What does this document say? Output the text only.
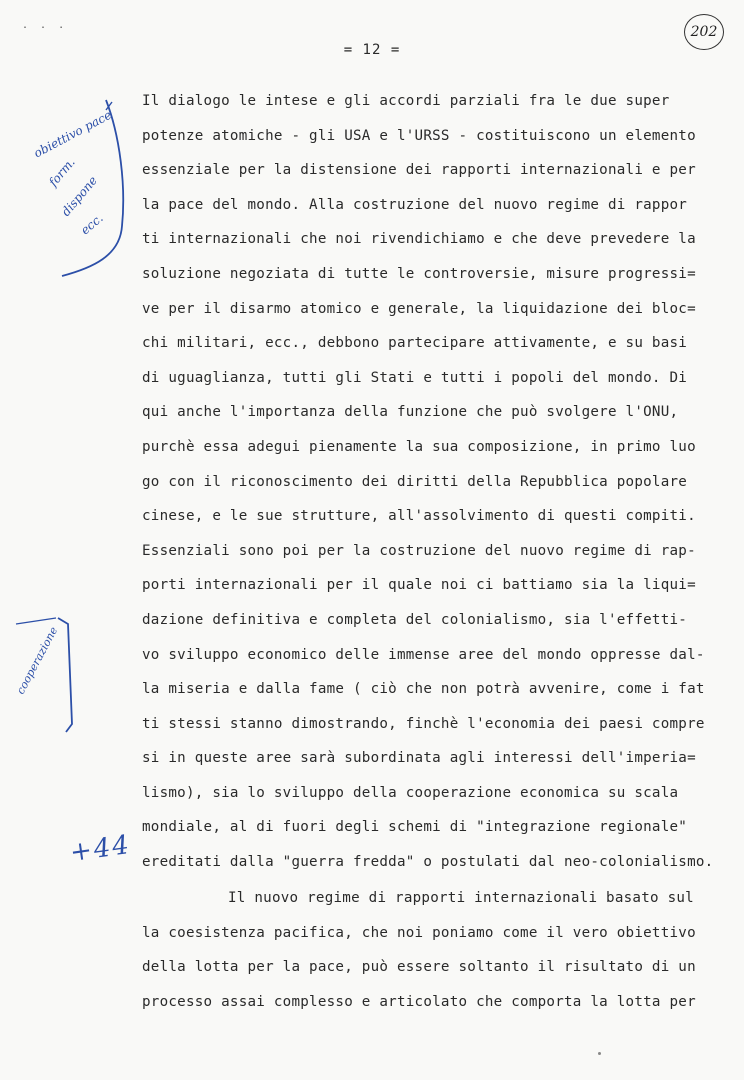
. . .
= 12 =
202
Il dialogo le intese e gli accordi parziali fra le due super
potenze atomiche - gli USA e l'URSS - costituiscono un elemento
essenziale per la distensione dei rapporti internazionali e per
la pace del mondo. Alla costruzione del nuovo regime di rappor
ti internazionali che noi rivendichiamo e che deve prevedere la
soluzione negoziata di tutte le controversie, misure progressi=
ve per il disarmo atomico e generale, la liquidazione dei bloc=
chi militari, ecc., debbono partecipare attivamente, e su basi
di uguaglianza, tutti gli Stati e tutti i popoli del mondo. Di
qui anche l'importanza della funzione che può svolgere l'ONU,
purchè essa adegui pienamente la sua composizione, in primo luo
go con il riconoscimento dei diritti della Repubblica popolare
cinese, e le sue strutture, all'assolvimento di questi compiti.
Essenziali sono poi per la costruzione del nuovo regime di rap-
porti internazionali per il quale noi ci battiamo sia la liqui=
dazione definitiva e completa del colonialismo, sia l'effetti-
vo sviluppo economico delle immense aree del mondo oppresse dal-
la miseria e dalla fame ( ciò che non potrà avvenire, come i fat
ti stessi stanno dimostrando, finchè l'economia dei paesi compre
si in queste aree sarà subordinata agli interessi dell'imperia=
lismo), sia lo sviluppo della cooperazione economica su scala
mondiale, al di fuori degli schemi di "integrazione regionale"
ereditati dalla "guerra fredda" o postulati dal neo-colonialismo.
Il nuovo regime di rapporti internazionali basato sul
la coesistenza pacifica, che noi poniamo come il vero obiettivo
della lotta per la pace, può essere soltanto il risultato di un
processo assai complesso e articolato che comporta la lotta per
obiettivo pace
form.
dispone
ecc.
cooperazione
+44
